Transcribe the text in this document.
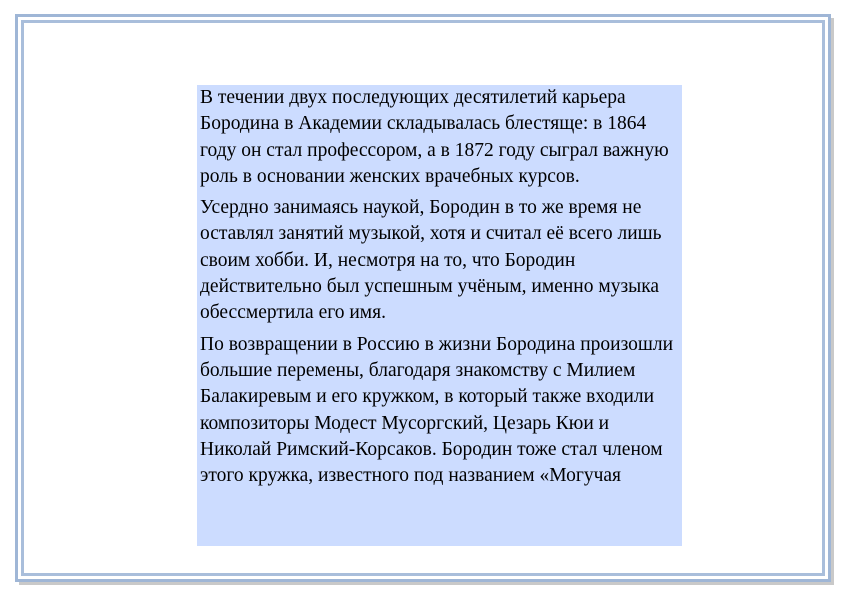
В течении двух последующих десятилетий карьера Бородина в Академии складывалась блестяще: в 1864 году он стал профессором, а в 1872 году сыграл важную роль в основании женских врачебных курсов.

Усердно занимаясь наукой, Бородин в то же время не оставлял занятий музыкой, хотя и считал её всего лишь своим хобби. И, несмотря на то, что Бородин действительно был успешным учёным, именно музыка обессмертила его имя.

По возвращении в Россию в жизни Бородина произошли большие перемены, благодаря знакомству с Милием Балакиревым и его кружком, в который также входили композиторы Модест Мусоргский, Цезарь Кюи и Николай Римский-Корсаков. Бородин тоже стал членом этого кружка, известного под названием «Могучая
